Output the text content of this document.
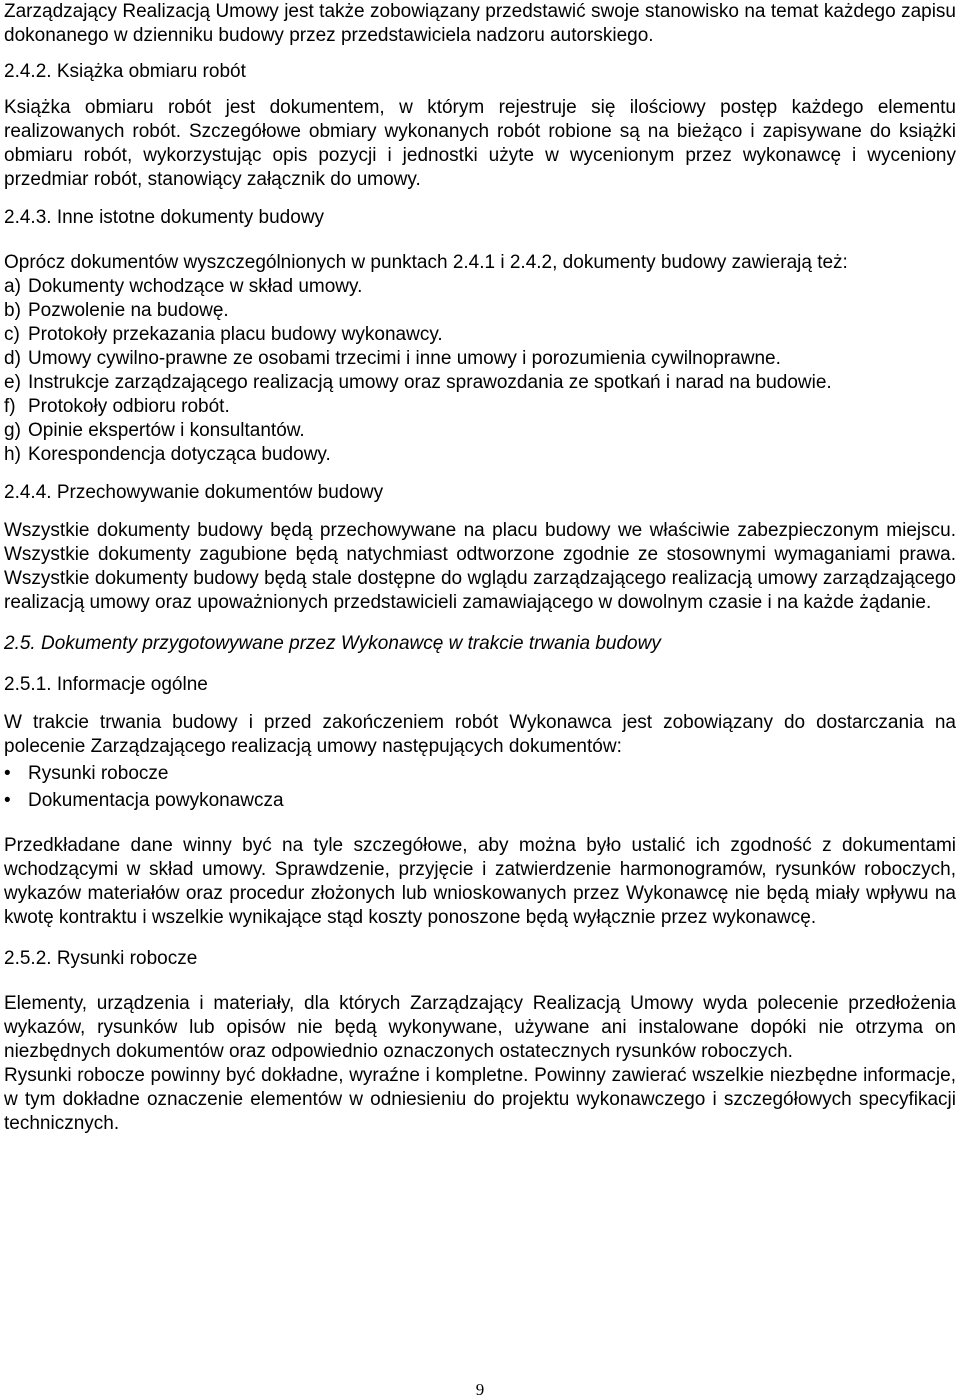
Zarządzający Realizacją Umowy jest także zobowiązany przedstawić swoje stanowisko na temat każdego zapisu dokonanego w dzienniku budowy przez przedstawiciela nadzoru autorskiego.

2.4.2. Książka obmiaru robót

Książka obmiaru robót jest dokumentem, w którym rejestruje się ilościowy postęp każdego elementu realizowanych robót. Szczegółowe obmiary wykonanych robót robione są na bieżąco i zapisywane do książki obmiaru robót, wykorzystując opis pozycji i jednostki użyte w wycenionym przez wykonawcę i wyceniony przedmiar robót, stanowiący załącznik do umowy.

2.4.3. Inne istotne dokumenty budowy

Oprócz dokumentów wyszczególnionych w punktach 2.4.1 i 2.4.2, dokumenty budowy zawierają też:

a) Dokumenty wchodzące w skład umowy.
b) Pozwolenie na budowę.
c) Protokoły przekazania placu budowy wykonawcy.
d) Umowy cywilno-prawne ze osobami trzecimi i inne umowy i porozumienia cywilnoprawne.
e) Instrukcje zarządzającego realizacją umowy oraz sprawozdania ze spotkań i narad na budowie.
f) Protokoły odbioru robót.
g) Opinie ekspertów i konsultantów.
h) Korespondencja dotycząca budowy.

2.4.4. Przechowywanie dokumentów budowy

Wszystkie dokumenty budowy będą przechowywane na placu budowy we właściwie zabezpieczonym miejscu. Wszystkie dokumenty zagubione będą natychmiast odtworzone zgodnie ze stosownymi wymaganiami prawa. Wszystkie dokumenty budowy będą stale dostępne do wglądu zarządzającego realizacją umowy zarządzającego realizacją umowy oraz upoważnionych przedstawicieli zamawiającego w dowolnym czasie i na każde żądanie.

2.5. Dokumenty przygotowywane przez Wykonawcę w trakcie trwania budowy

2.5.1. Informacje ogólne

W trakcie trwania budowy i przed zakończeniem robót Wykonawca jest zobowiązany do dostarczania na polecenie Zarządzającego realizacją umowy następujących dokumentów:

• Rysunki robocze
• Dokumentacja powykonawcza

Przedkładane dane winny być na tyle szczegółowe, aby można było ustalić ich zgodność z dokumentami wchodzącymi w skład umowy. Sprawdzenie, przyjęcie i zatwierdzenie harmonogramów, rysunków roboczych, wykazów materiałów oraz procedur złożonych lub wnioskowanych przez Wykonawcę nie będą miały wpływu na kwotę kontraktu i wszelkie wynikające stąd koszty ponoszone będą wyłącznie przez wykonawcę.

2.5.2. Rysunki robocze

Elementy, urządzenia i materiały, dla których Zarządzający Realizacją Umowy wyda polecenie przedłożenia wykazów, rysunków lub opisów nie będą wykonywane, używane ani instalowane dopóki nie otrzyma on niezbędnych dokumentów oraz odpowiednio oznaczonych ostatecznych rysunków roboczych.

Rysunki robocze powinny być dokładne, wyraźne i kompletne. Powinny zawierać wszelkie niezbędne informacje, w tym dokładne oznaczenie elementów w odniesieniu do projektu wykonawczego i szczegółowych specyfikacji technicznych.

9
